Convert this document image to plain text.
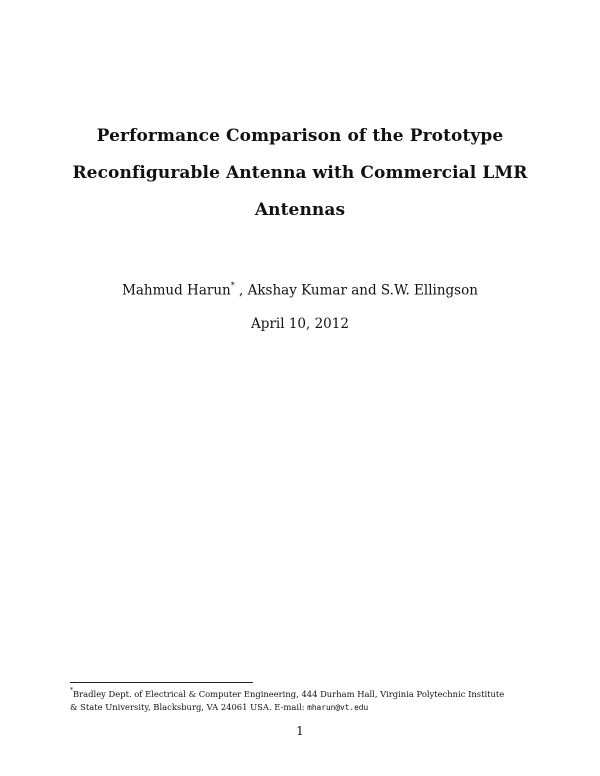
Performance Comparison of the Prototype
Reconfigurable Antenna with Commercial LMR
Antennas
Mahmud Harun* , Akshay Kumar and S.W. Ellingson
April 10, 2012
*Bradley Dept. of Electrical & Computer Engineering, 444 Durham Hall, Virginia Polytechnic Institute
& State University, Blacksburg, VA 24061 USA. E-mail: mharun@vt.edu
1
